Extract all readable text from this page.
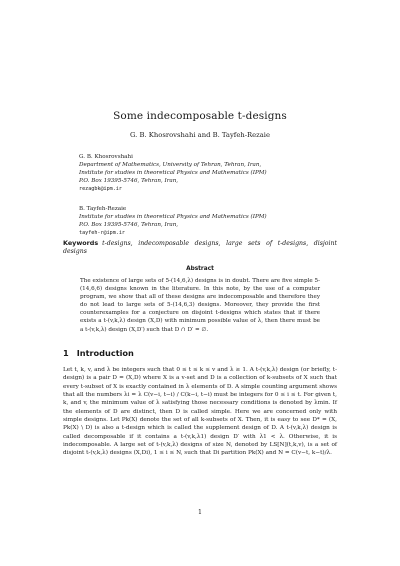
Some indecomposable t-designs
G. B. Khosrovshahi and B. Tayfeh-Rezaie
G. B. Khosrovshahi
Department of Mathematics, University of Tehran, Tehran, Iran,
Institute for studies in theoretical Physics and Mathematics (IPM)
P.O. Box 19395-5746, Tehran, Iran,
rezagbk@ipm.ir
B. Tayfeh-Rezaie
Institute for studies in theoretical Physics and Mathematics (IPM)
P.O. Box 19395-5746, Tehran, Iran,
tayfeh-r@ipm.ir
Keywords t-designs, indecomposable designs, large sets of t-designs, disjoint designs
Abstract

The existence of large sets of 5-(14,6,λ) designs is in doubt. There are five simple 5-(14,6,6) designs known in the literature. In this note, by the use of a computer program, we show that all of these designs are indecomposable and therefore they do not lead to large sets of 5-(14,6,3) designs. Moreover, they provide the first counterexamples for a conjecture on disjoint t-designs which states that if there exists a t-(v,k,λ) design (X,D) with minimum possible value of λ, then there must be a t-(v,k,λ) design (X,D′) such that D ∩ D′ = ∅.

1 Introduction

Let t, k, v, and λ be integers such that 0 ≤ t ≤ k ≤ v and λ ≥ 1. A t-(v,k,λ) design (or briefly, t-design) is a pair D = (X,D) where X is a v-set and D is a collection of k-subsets of X such that every t-subset of X is exactly contained in λ elements of D. A simple counting argument shows that all the numbers λi = λ C(v−i, t−i) / C(k−i, t−i) must be integers for 0 ≤ i ≤ t. For given t, k, and v, the minimum value of λ satisfying those necessary conditions is denoted by λmin. If the elements of D are distinct, then D is called simple. Here we are concerned only with simple designs. Let Pk(X) denote the set of all k-subsets of X. Then, it is easy to see D* = (X, Pk(X) \ D) is also a t-design which is called the supplement design of D. A t-(v,k,λ) design is called decomposable if it contains a t-(v,k,λ1) design D′ with λ1 < λ. Otherwise, it is indecomposable. A large set of t-(v,k,λ) designs of size N, denoted by LS[N](t,k,v), is a set of disjoint t-(v,k,λ) designs (X,Di), 1 ≤ i ≤ N, such that Di partition Pk(X) and N = C(v−t, k−t)/λ.

1
